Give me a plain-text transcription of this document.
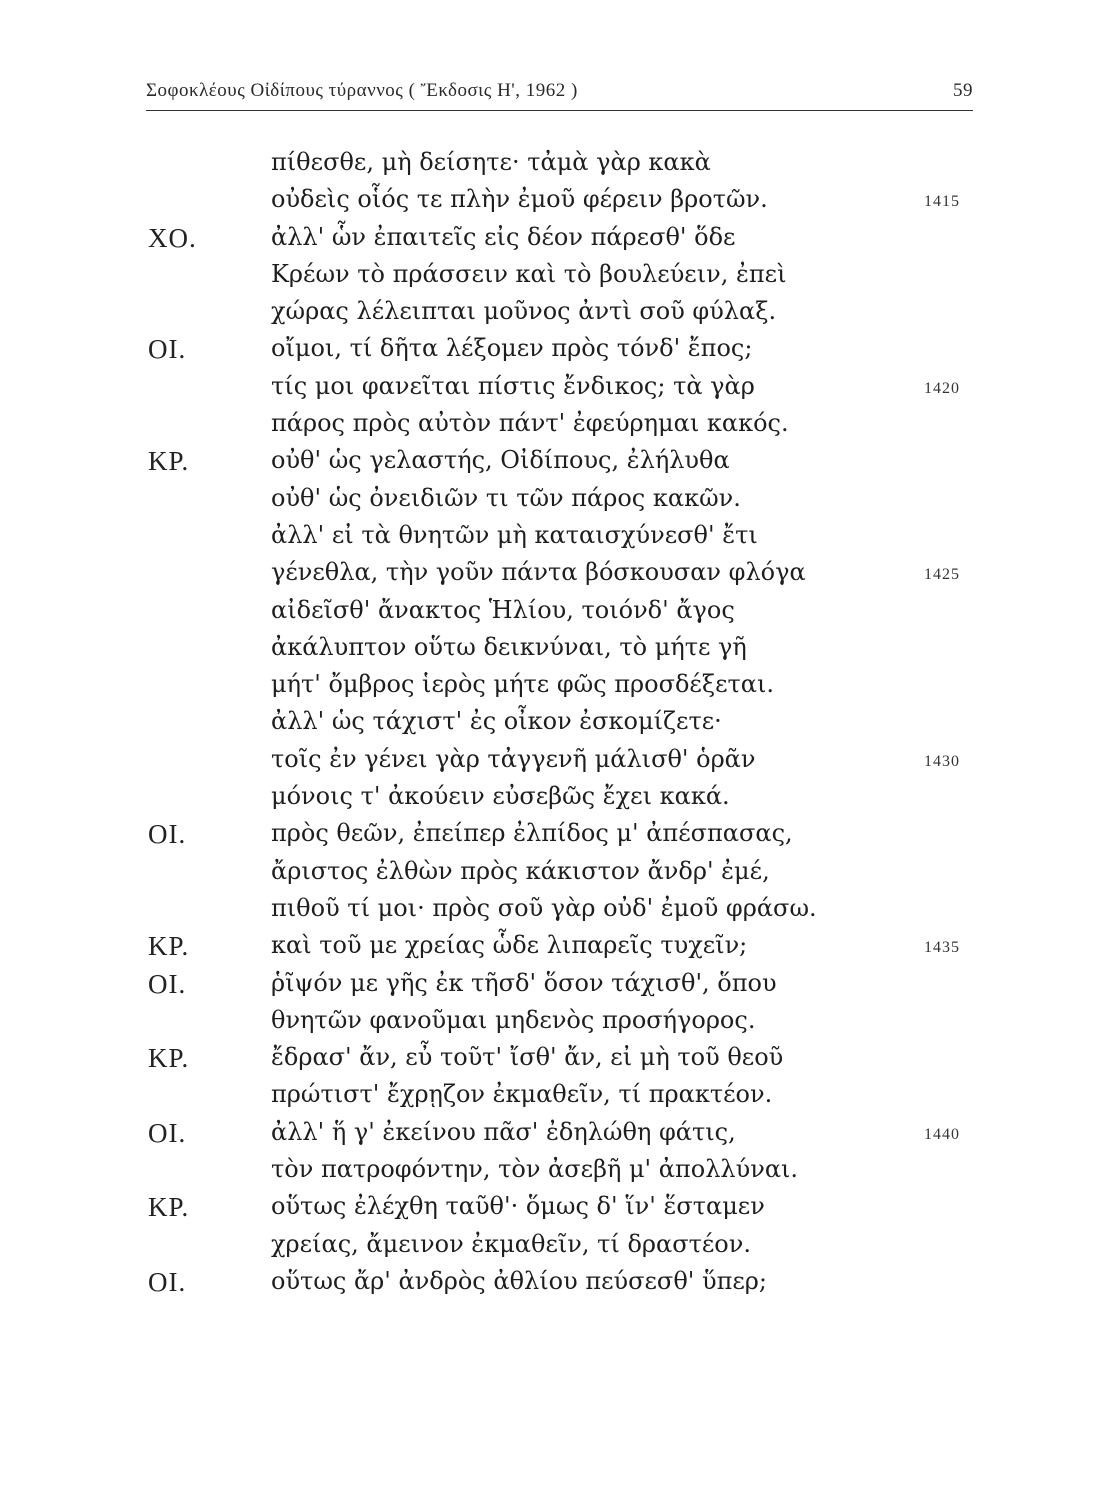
Σοφοκλέους Οἰδίπους τύραννος ( Ἔκδοσις Η', 1962 )	59
πίθεσθε, μὴ δείσητε· τἀμὰ γὰρ κακὰ
οὐδεὶς οἷός τε πλὴν ἐμοῦ φέρειν βροτῶν.	1415
ΧΟ.	ἀλλ' ὧν ἐπαιτεῖς εἰς δέον πάρεσθ' ὅδε
Κρέων τὸ πράσσειν καὶ τὸ βουλεύειν, ἐπεὶ
χώρας λέλειπται μοῦνος ἀντὶ σοῦ φύλαξ.
ΟΙ.	οἴμοι, τί δῆτα λέξομεν πρὸς τόνδ' ἔπος;
τίς μοι φανεῖται πίστις ἔνδικος; τὰ γὰρ	1420
πάρος πρὸς αὐτὸν πάντ' ἐφεύρημαι κακός.
ΚΡ.	οὐθ' ὡς γελαστής, Οἰδίπους, ἐλήλυθα
οὐθ' ὡς ὀνειδιῶν τι τῶν πάρος κακῶν.
ἀλλ' εἰ τὰ θνητῶν μὴ καταισχύνεσθ' ἔτι
γένεθλα, τὴν γοῦν πάντα βόσκουσαν φλόγα	1425
αἰδεῖσθ' ἄνακτος Ἡλίου, τοιόνδ' ἄγος
ἀκάλυπτον οὕτω δεικνύναι, τὸ μήτε γῆ
μήτ' ὄμβρος ἱερὸς μήτε φῶς προσδέξεται.
ἀλλ' ὡς τάχιστ' ἐς οἶκον ἐσκομίζετε·
τοῖς ἐν γένει γὰρ τἀγγενῆ μάλισθ' ὁρᾶν	1430
μόνοις τ' ἀκούειν εὐσεβῶς ἔχει κακά.
ΟΙ.	πρὸς θεῶν, ἐπείπερ ἐλπίδος μ' ἀπέσπασας,
ἄριστος ἐλθὼν πρὸς κάκιστον ἄνδρ' ἐμέ,
πιθοῦ τί μοι· πρὸς σοῦ γὰρ οὐδ' ἐμοῦ φράσω.
ΚΡ.	καὶ τοῦ με χρείας ὧδε λιπαρεῖς τυχεῖν;	1435
ΟΙ.	ῥῖψόν με γῆς ἐκ τῆσδ' ὅσον τάχισθ', ὅπου
θνητῶν φανοῦμαι μηδενὸς προσήγορος.
ΚΡ.	ἔδρασ' ἄν, εὖ τοῦτ' ἴσθ' ἄν, εἰ μὴ τοῦ θεοῦ
πρώτιστ' ἔχρῃζον ἐκμαθεῖν, τί πρακτέον.
ΟΙ.	ἀλλ' ἥ γ' ἐκείνου πᾶσ' ἐδηλώθη φάτις,	1440
τὸν πατροφόντην, τὸν ἀσεβῆ μ' ἀπολλύναι.
ΚΡ.	οὕτως ἐλέχθη ταῦθ'· ὅμως δ' ἵν' ἕσταμεν
χρείας, ἄμεινον ἐκμαθεῖν, τί δραστέον.
ΟΙ.	οὕτως ἄρ' ἀνδρὸς ἀθλίου πεύσεσθ' ὕπερ;
